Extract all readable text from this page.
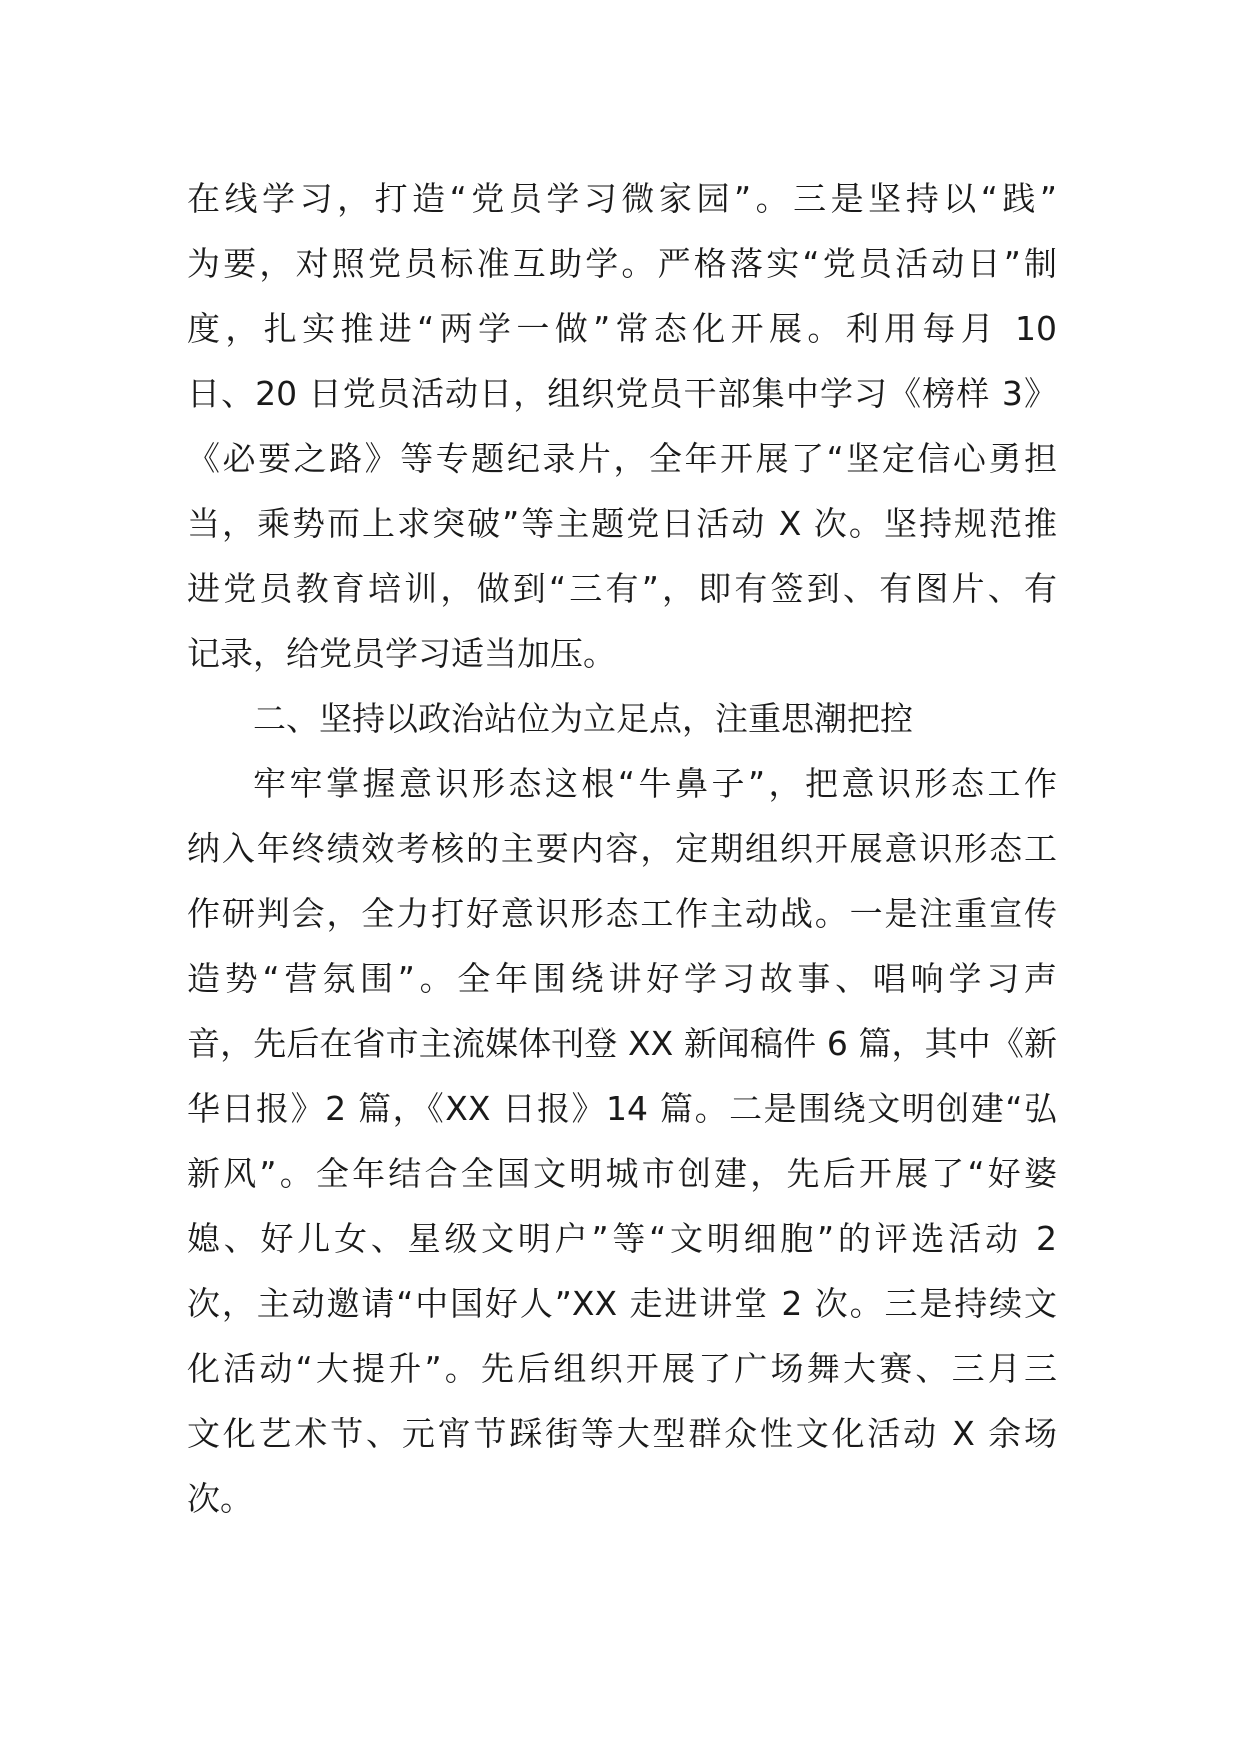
在线学习，打造“党员学习微家园”。三是坚持以“践”
为要，对照党员标准互助学。严格落实“党员活动日”制
度，扎实推进“两学一做”常态化开展。利用每月 10
日、20 日党员活动日，组织党员干部集中学习《榜样 3》
《必要之路》等专题纪录片，全年开展了“坚定信心勇担
当，乘势而上求突破”等主题党日活动 X 次。坚持规范推
进党员教育培训，做到“三有”，即有签到、有图片、有
记录，给党员学习适当加压。
二、坚持以政治站位为立足点，注重思潮把控
牢牢掌握意识形态这根“牛鼻子”，把意识形态工作
纳入年终绩效考核的主要内容，定期组织开展意识形态工
作研判会，全力打好意识形态工作主动战。一是注重宣传
造势“营氛围”。全年围绕讲好学习故事、唱响学习声
音，先后在省市主流媒体刊登 XX 新闻稿件 6 篇，其中《新
华日报》2 篇，《XX 日报》14 篇。二是围绕文明创建“弘
新风”。全年结合全国文明城市创建，先后开展了“好婆
媳、好儿女、星级文明户”等“文明细胞”的评选活动 2
次，主动邀请“中国好人”XX 走进讲堂 2 次。三是持续文
化活动“大提升”。先后组织开展了广场舞大赛、三月三
文化艺术节、元宵节踩街等大型群众性文化活动 X 余场
次。
